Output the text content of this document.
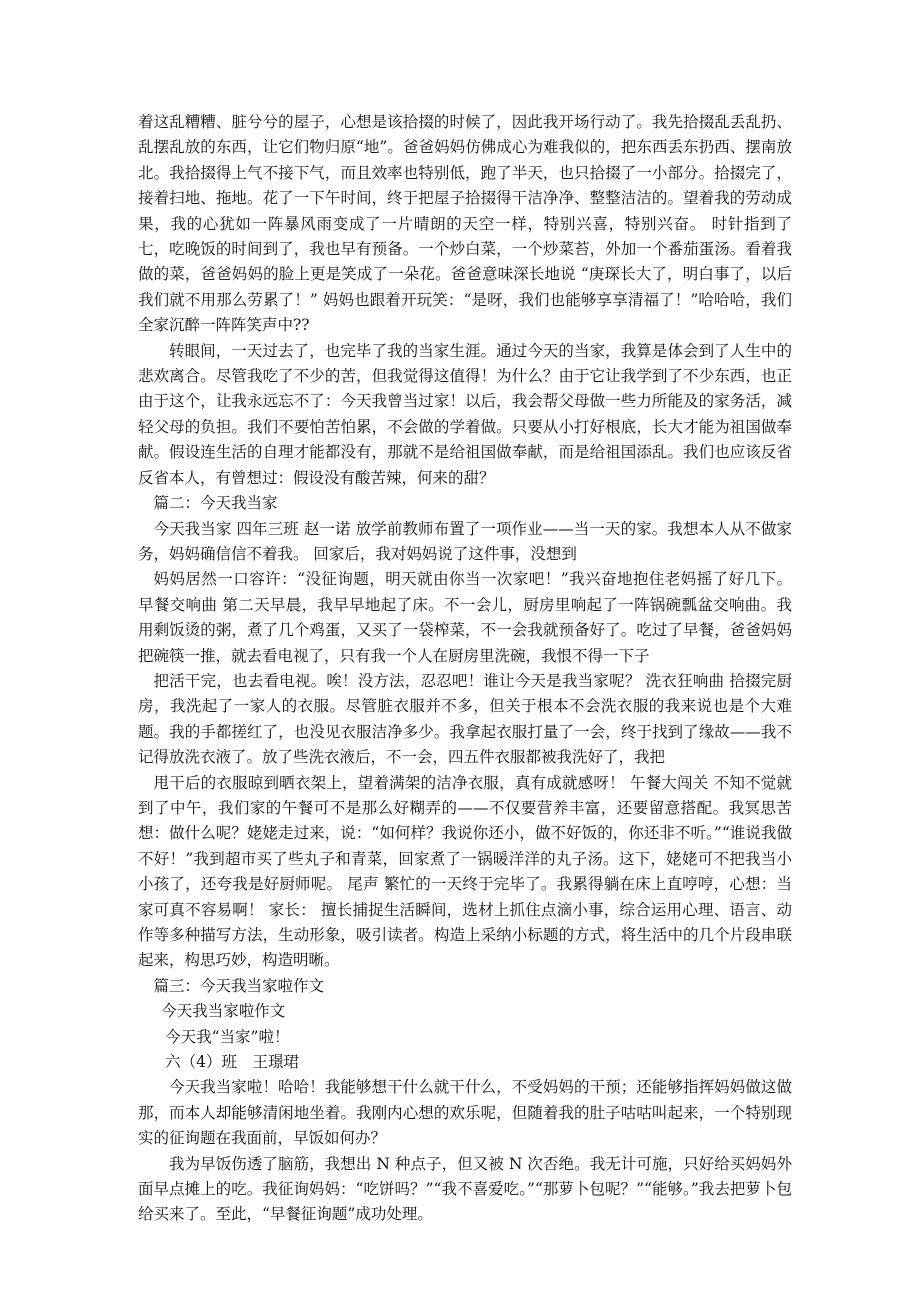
着这乱糟糟、脏兮兮的屋子，心想是该拾掇的时候了，因此我开场行动了。我先拾掇乱丢乱扔、乱摆乱放的东西，让它们物归原“地”。爸爸妈妈仿佛成心为难我似的，把东西丢东扔西、摆南放北。我拾掇得上气不接下气，而且效率也特别低，跑了半天，也只拾掇了一小部分。拾掇完了，接着扫地、拖地。花了一下午时间，终于把屋子拾掇得干洁净净、整整洁洁的。望着我的劳动成果，我的心犹如一阵暴风雨变成了一片晴朗的天空一样，特别兴喜，特别兴奋。 时针指到了七，吃晚饭的时间到了，我也早有预备。一个炒白菜，一个炒菜苔，外加一个番茄蛋汤。看着我做的菜，爸爸妈妈的脸上更是笑成了一朵花。爸爸意味深长地说 “庚琛长大了，明白事了，以后我们就不用那么劳累了！” 妈妈也跟着开玩笑：“是呀，我们也能够享享清福了！”哈哈哈，我们全家沉醉一阵阵笑声中??

转眼间，一天过去了，也完毕了我的当家生涯。通过今天的当家，我算是体会到了人生中的悲欢离合。尽管我吃了不少的苦，但我觉得这值得！为什么？由于它让我学到了不少东西，也正由于这个，让我永远忘不了：今天我曾当过家！以后，我会帮父母做一些力所能及的家务活，减轻父母的负担。我们不要怕苦怕累，不会做的学着做。只要从小打好根底，长大才能为祖国做奉献。假设连生活的自理才能都没有，那就不是给祖国做奉献，而是给祖国添乱。我们也应该反省反省本人，有曾想过：假设没有酸苦辣，何来的甜？

篇二：今天我当家

今天我当家 四年三班 赵一诺 放学前教师布置了一项作业——当一天的家。我想本人从不做家务，妈妈确信信不着我。 回家后，我对妈妈说了这件事，没想到

妈妈居然一口容许：“没征询题，明天就由你当一次家吧！”我兴奋地抱住老妈摇了好几下。 早餐交响曲 第二天早晨，我早早地起了床。不一会儿，厨房里响起了一阵锅碗瓢盆交响曲。我用剩饭烫的粥，煮了几个鸡蛋，又买了一袋榨菜，不一会我就预备好了。吃过了早餐，爸爸妈妈把碗筷一推，就去看电视了，只有我一个人在厨房里洗碗，我恨不得一下子

把活干完，也去看电视。唉！没方法，忍忍吧！谁让今天是我当家呢？ 洗衣狂响曲 拾掇完厨房，我洗起了一家人的衣服。尽管脏衣服并不多，但关于根本不会洗衣服的我来说也是个大难题。我的手都搓红了，也没见衣服洁净多少。我拿起衣服打量了一会，终于找到了缘故——我不记得放洗衣液了。放了些洗衣液后，不一会，四五件衣服都被我洗好了，我把

甩干后的衣服晾到晒衣架上，望着满架的洁净衣服，真有成就感呀！ 午餐大闯关 不知不觉就到了中午，我们家的午餐可不是那么好糊弄的——不仅要营养丰富，还要留意搭配。我冥思苦想：做什么呢？姥姥走过来，说：“如何样？我说你还小，做不好饭的，你还非不听。”“谁说我做不好！”我到超市买了些丸子和青菜，回家煮了一锅暖洋洋的丸子汤。这下，姥姥可不把我当小小孩了，还夸我是好厨师呢。 尾声 繁忙的一天终于完毕了。我累得躺在床上直哼哼，心想：当家可真不容易啊！ 家长： 擅长捕捉生活瞬间，选材上抓住点滴小事，综合运用心理、语言、动作等多种描写方法，生动形象，吸引读者。构造上采纳小标题的方式，将生活中的几个片段串联起来，构思巧妙，构造明晰。

篇三：今天我当家啦作文

今天我当家啦作文

今天我“当家”啦！

六（4）班　王璟珺

今天我当家啦！哈哈！我能够想干什么就干什么，不受妈妈的干预；还能够指挥妈妈做这做那，而本人却能够清闲地坐着。我刚内心想的欢乐呢，但随着我的肚子咕咕叫起来，一个特别现实的征询题在我面前，早饭如何办？

我为早饭伤透了脑筋，我想出 N 种点子，但又被 N 次否绝。我无计可施，只好给买妈妈外面早点摊上的吃。我征询妈妈：“吃饼吗？”“我不喜爱吃。”“那萝卜包呢？”“能够。”我去把萝卜包给买来了。至此，“早餐征询题”成功处理。
